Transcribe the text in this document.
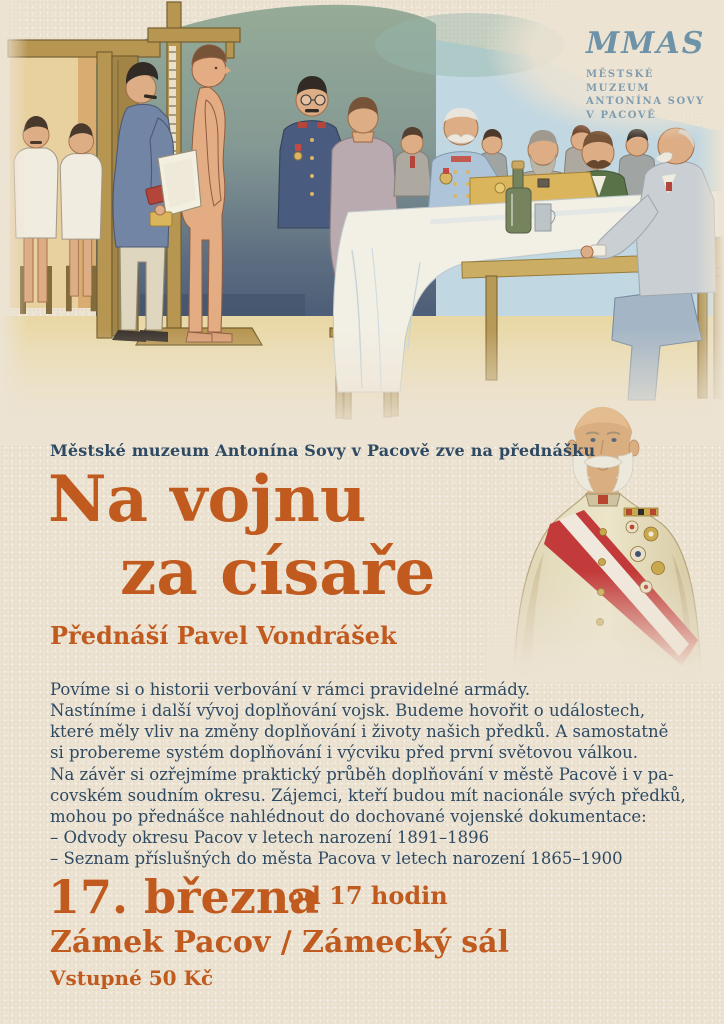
MMAS
MĚSTSKÉ MUZEUM
ANTONÍNA SOVY
V PACOVĚ
Městské muzeum Antonína Sovy v Pacově zve na přednášku
Na vojnu
za císaře
Přednáší Pavel Vondrášek
Povíme si o historii verbování v rámci pravidelné armády.
Nastíníme i další vývoj doplňování vojsk. Budeme hovořit o událostech,
které měly vliv na změny doplňování i životy našich předků. A samostatně
si probereme systém doplňování i výcviku před první světovou válkou.
Na závěr si ozřejmíme praktický průběh doplňování v městě Pacově i v pa-
covském soudním okresu. Zájemci, kteří budou mít nacionále svých předků,
mohou po přednášce nahlédnout do dochované vojenské dokumentace:
– Odvody okresu Pacov v letech narození 1891–1896
– Seznam příslušných do města Pacova v letech narození 1865–1900
17. března
od 17 hodin
Zámek Pacov / Zámecký sál
Vstupné 50 Kč
